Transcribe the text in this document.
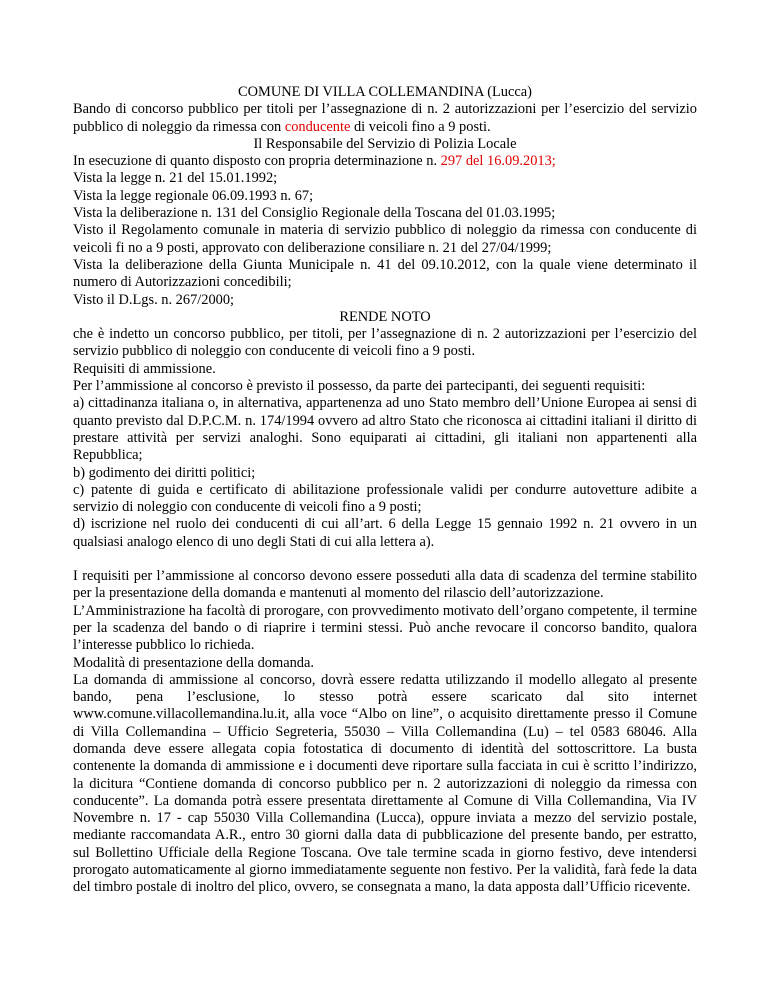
COMUNE DI VILLA COLLEMANDINA (Lucca)

Bando di concorso pubblico per titoli per l’assegnazione di n. 2 autorizzazioni per l’esercizio del servizio pubblico di noleggio da rimessa con conducente di veicoli fino a 9 posti.

Il Responsabile del Servizio di Polizia Locale

In esecuzione di quanto disposto con propria determinazione n. 297 del 16.09.2013;

Vista la legge n. 21 del 15.01.1992;

Vista la legge regionale 06.09.1993 n. 67;

Vista la deliberazione n. 131 del Consiglio Regionale della Toscana del 01.03.1995;

Visto il Regolamento comunale in materia di servizio pubblico di noleggio da rimessa con conducente di veicoli fi no a 9 posti, approvato con deliberazione consiliare n. 21 del 27/04/1999;

Vista la deliberazione della Giunta Municipale n. 41 del 09.10.2012, con la quale viene determinato il numero di Autorizzazioni concedibili;

Visto il D.Lgs. n. 267/2000;

RENDE NOTO

che è indetto un concorso pubblico, per titoli, per l’assegnazione di n. 2 autorizzazioni per l’esercizio del servizio pubblico di noleggio con conducente di veicoli fino a 9 posti.

Requisiti di ammissione.

Per l’ammissione al concorso è previsto il possesso, da parte dei partecipanti, dei seguenti requisiti:

a) cittadinanza italiana o, in alternativa, appartenenza ad uno Stato membro dell’Unione Europea ai sensi di quanto previsto dal D.P.C.M. n. 174/1994 ovvero ad altro Stato che riconosca ai cittadini italiani il diritto di prestare attività per servizi analoghi. Sono equiparati ai cittadini, gli italiani non appartenenti alla Repubblica;

b) godimento dei diritti politici;

c) patente di guida e certificato di abilitazione professionale validi per condurre autovetture adibite a servizio di noleggio con conducente di veicoli fino a 9 posti;

d) iscrizione nel ruolo dei conducenti di cui all’art. 6 della Legge 15 gennaio 1992 n. 21 ovvero in un qualsiasi analogo elenco di uno degli Stati di cui alla lettera a).

I requisiti per l’ammissione al concorso devono essere posseduti alla data di scadenza del termine stabilito per la presentazione della domanda e mantenuti al momento del rilascio dell’autorizzazione.

L’Amministrazione ha facoltà di prorogare, con provvedimento motivato dell’organo competente, il termine per la scadenza del bando o di riaprire i termini stessi. Può anche revocare il concorso bandito, qualora l’interesse pubblico lo richieda.

Modalità di presentazione della domanda.

La domanda di ammissione al concorso, dovrà essere redatta utilizzando il modello allegato al presente bando, pena l’esclusione, lo stesso potrà essere scaricato dal sito internet www.comune.villacollemandina.lu.it, alla voce “Albo on line”, o acquisito direttamente presso il Comune di Villa Collemandina – Ufficio Segreteria, 55030 – Villa Collemandina (Lu) – tel 0583 68046. Alla domanda deve essere allegata copia fotostatica di documento di identità del sottoscrittore. La busta contenente la domanda di ammissione e i documenti deve riportare sulla facciata in cui è scritto l’indirizzo, la dicitura “Contiene domanda di concorso pubblico per n. 2 autorizzazioni di noleggio da rimessa con conducente”. La domanda potrà essere presentata direttamente al Comune di Villa Collemandina, Via IV Novembre n. 17 - cap 55030 Villa Collemandina (Lucca), oppure inviata a mezzo del servizio postale, mediante raccomandata A.R., entro 30 giorni dalla data di pubblicazione del presente bando, per estratto, sul Bollettino Ufficiale della Regione Toscana. Ove tale termine scada in giorno festivo, deve intendersi prorogato automaticamente al giorno immediatamente seguente non festivo. Per la validità, farà fede la data del timbro postale di inoltro del plico, ovvero, se consegnata a mano, la data apposta dall’Ufficio ricevente.
